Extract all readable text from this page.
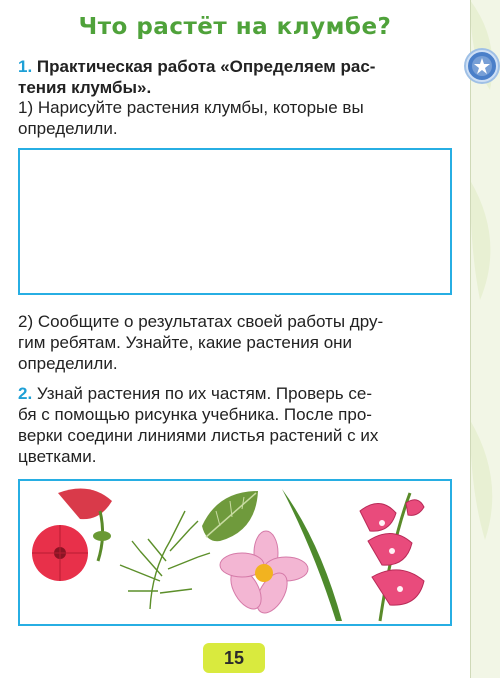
Что растёт на клумбе?
1. Практическая работа «Определяем рас-
тения клумбы».
1) Нарисуйте растения клумбы, которые вы
определили.
2) Сообщите о результатах своей работы дру-
гим ребятам. Узнайте, какие растения они
определили.
2. Узнай растения по их частям. Проверь се-
бя с помощью рисунка учебника. После про-
верки соедини линиями листья растений с их
цветками.
15
